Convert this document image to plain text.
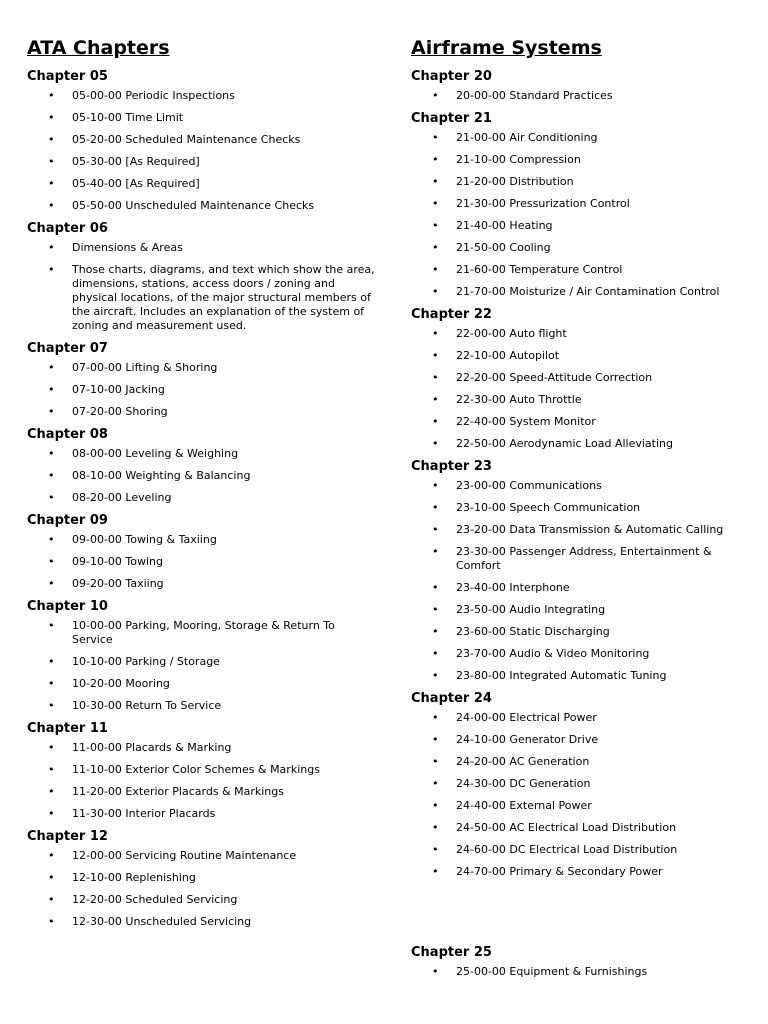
ATA Chapters
Chapter 05
• 05-00-00 Periodic Inspections
• 05-10-00 Time Limit
• 05-20-00 Scheduled Maintenance Checks
• 05-30-00 [As Required]
• 05-40-00 [As Required]
• 05-50-00 Unscheduled Maintenance Checks
Chapter 06
• Dimensions & Areas
• Those charts, diagrams, and text which show the area, dimensions, stations, access doors / zoning and physical locations, of the major structural members of the aircraft. Includes an explanation of the system of zoning and measurement used.
Chapter 07
• 07-00-00 Lifting & Shoring
• 07-10-00 Jacking
• 07-20-00 Shoring
Chapter 08
• 08-00-00 Leveling & Weighing
• 08-10-00 Weighting & Balancing
• 08-20-00 Leveling
Chapter 09
• 09-00-00 Towing & Taxiing
• 09-10-00 Towing
• 09-20-00 Taxiing
Chapter 10
• 10-00-00 Parking, Mooring, Storage & Return To Service
• 10-10-00 Parking / Storage
• 10-20-00 Mooring
• 10-30-00 Return To Service
Chapter 11
• 11-00-00 Placards & Marking
• 11-10-00 Exterior Color Schemes & Markings
• 11-20-00 Exterior Placards & Markings
• 11-30-00 Interior Placards
Chapter 12
• 12-00-00 Servicing Routine Maintenance
• 12-10-00 Replenishing
• 12-20-00 Scheduled Servicing
• 12-30-00 Unscheduled Servicing
Airframe Systems
Chapter 20
• 20-00-00 Standard Practices
Chapter 21
• 21-00-00 Air Conditioning
• 21-10-00 Compression
• 21-20-00 Distribution
• 21-30-00 Pressurization Control
• 21-40-00 Heating
• 21-50-00 Cooling
• 21-60-00 Temperature Control
• 21-70-00 Moisturize / Air Contamination Control
Chapter 22
• 22-00-00 Auto flight
• 22-10-00 Autopilot
• 22-20-00 Speed-Attitude Correction
• 22-30-00 Auto Throttle
• 22-40-00 System Monitor
• 22-50-00 Aerodynamic Load Alleviating
Chapter 23
• 23-00-00 Communications
• 23-10-00 Speech Communication
• 23-20-00 Data Transmission & Automatic Calling
• 23-30-00 Passenger Address, Entertainment & Comfort
• 23-40-00 Interphone
• 23-50-00 Audio Integrating
• 23-60-00 Static Discharging
• 23-70-00 Audio & Video Monitoring
• 23-80-00 Integrated Automatic Tuning
Chapter 24
• 24-00-00 Electrical Power
• 24-10-00 Generator Drive
• 24-20-00 AC Generation
• 24-30-00 DC Generation
• 24-40-00 External Power
• 24-50-00 AC Electrical Load Distribution
• 24-60-00 DC Electrical Load Distribution
• 24-70-00 Primary & Secondary Power
Chapter 25
• 25-00-00 Equipment & Furnishings
